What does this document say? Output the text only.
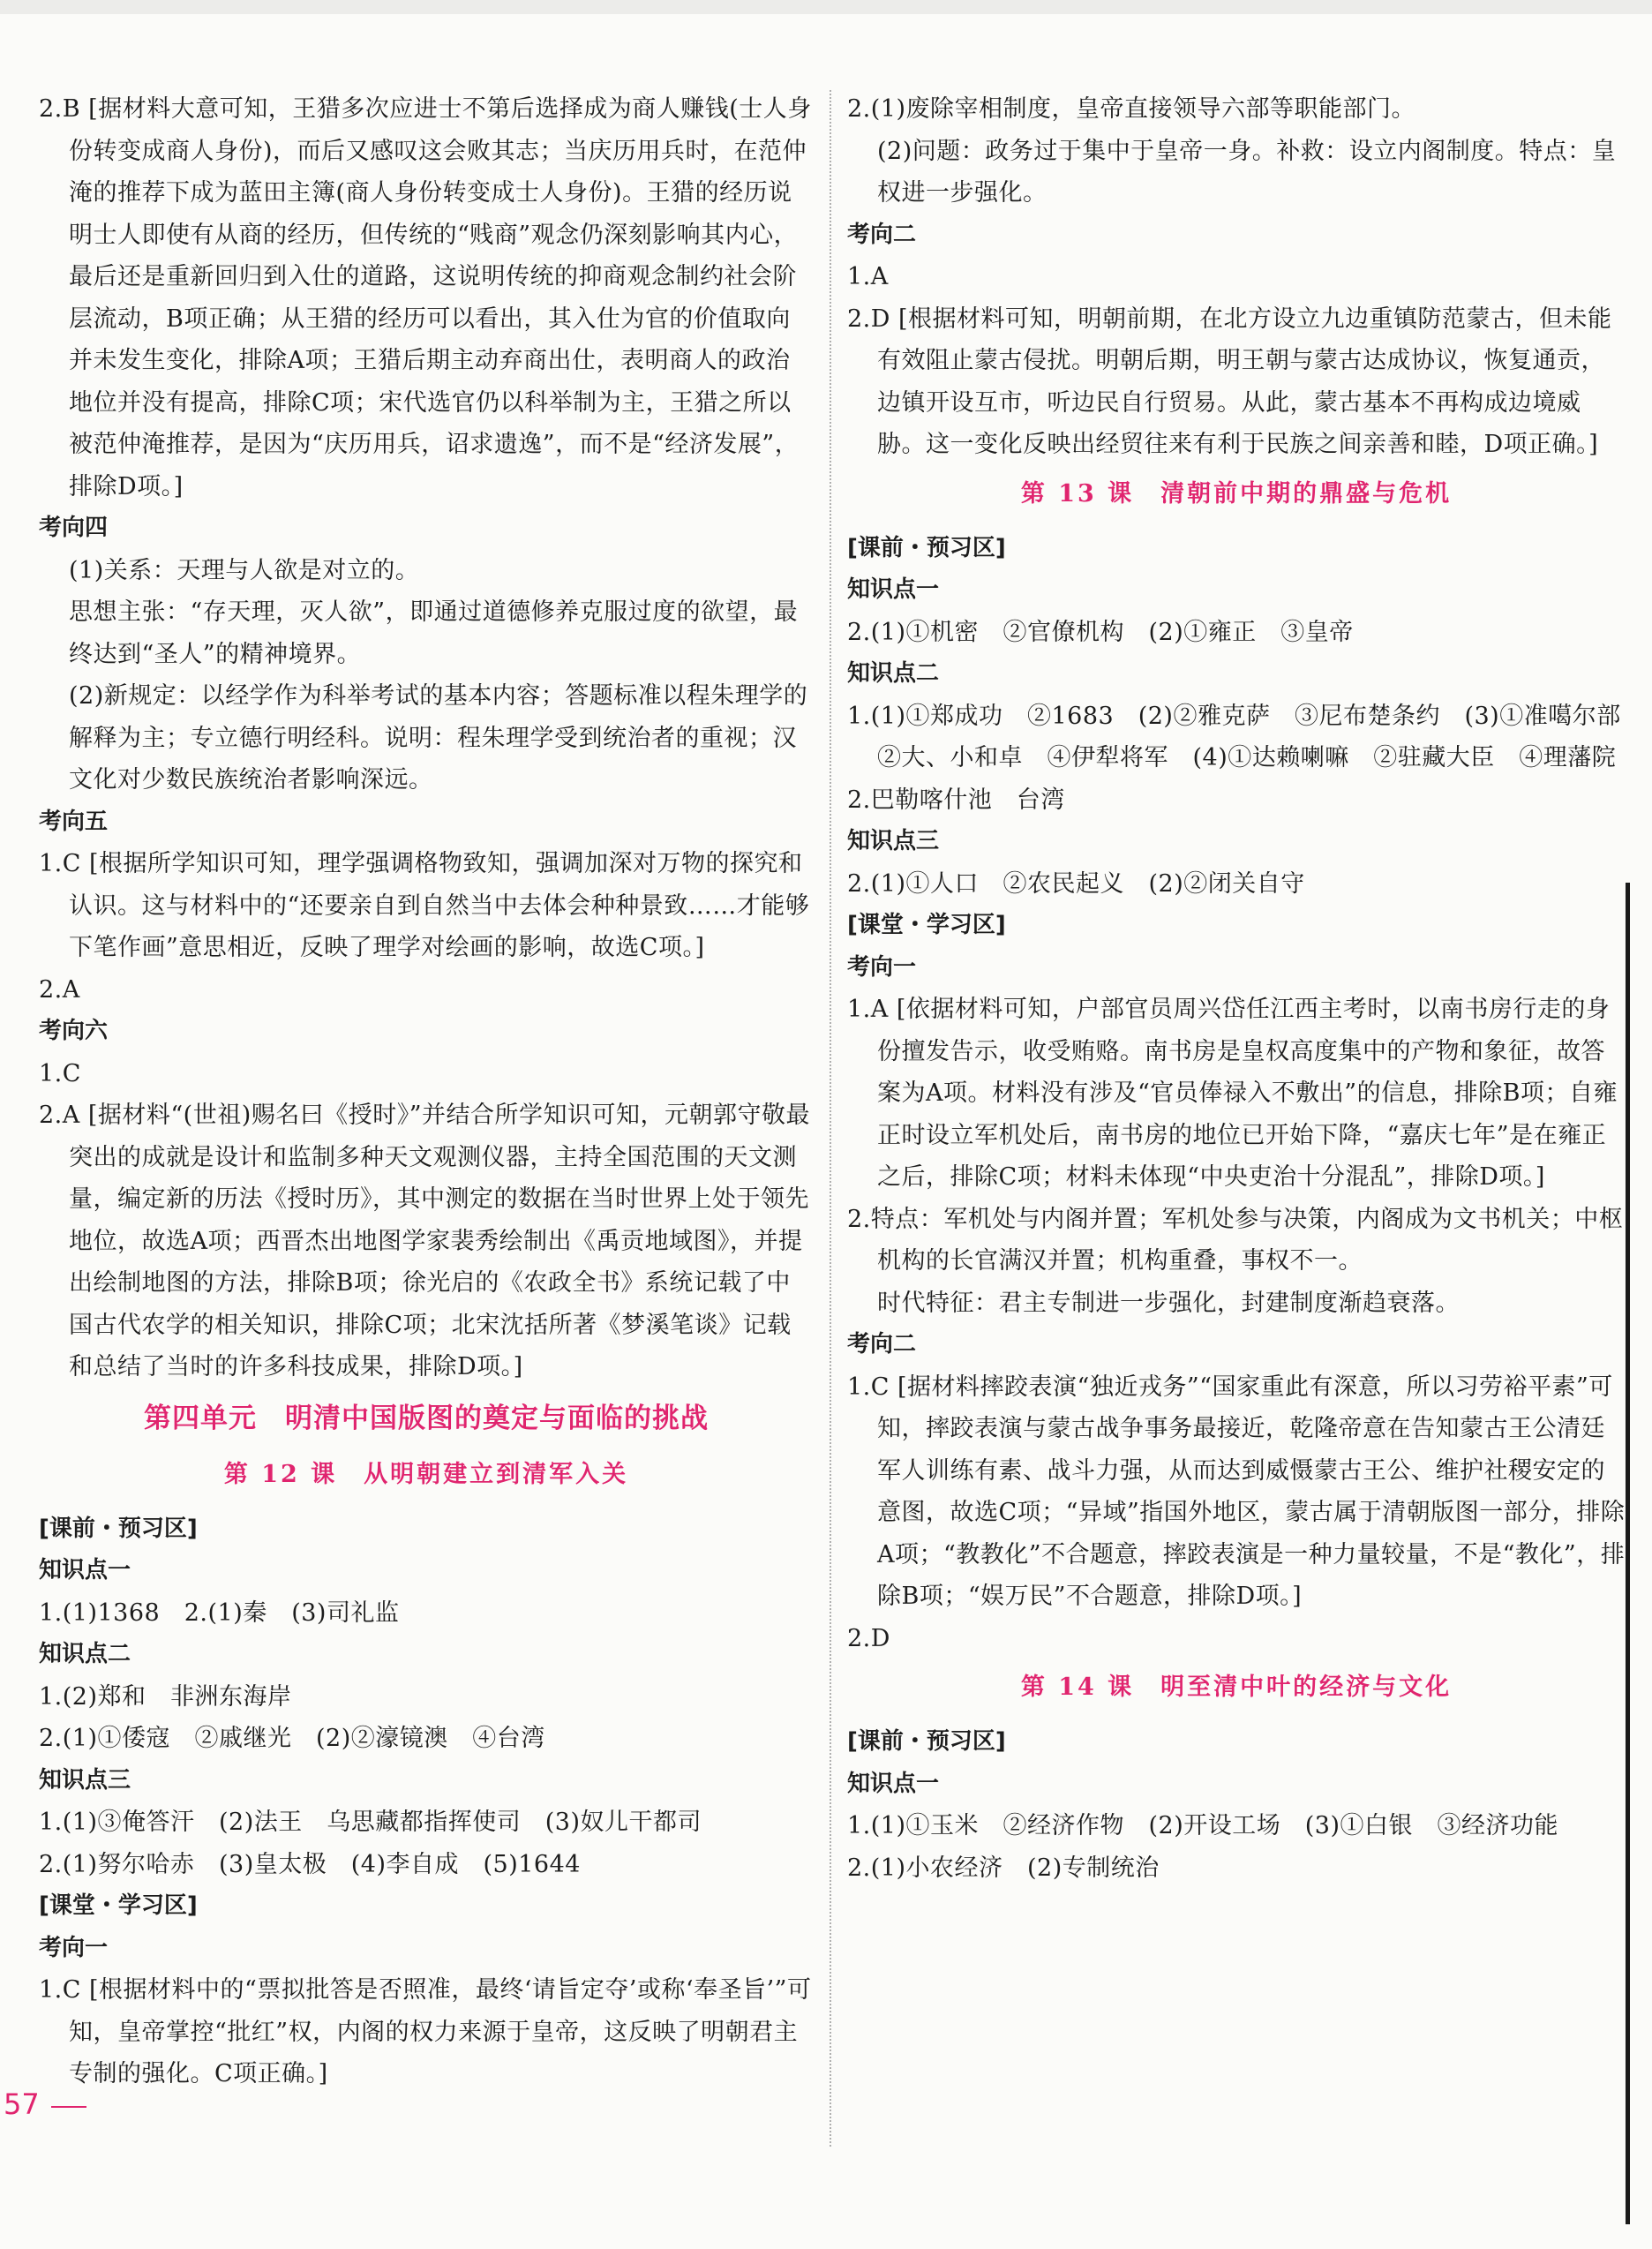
2.B [据材料大意可知，王猎多次应进士不第后选择成为商人赚钱(士人身份转变成商人身份)，而后又感叹这会败其志；当庆历用兵时，在范仲淹的推荐下成为蓝田主簿(商人身份转变成士人身份)。王猎的经历说明士人即使有从商的经历，但传统的“贱商”观念仍深刻影响其内心，最后还是重新回归到入仕的道路，这说明传统的抑商观念制约社会阶层流动，B项正确；从王猎的经历可以看出，其入仕为官的价值取向并未发生变化，排除A项；王猎后期主动弃商出仕，表明商人的政治地位并没有提高，排除C项；宋代选官仍以科举制为主，王猎之所以被范仲淹推荐，是因为“庆历用兵，诏求遗逸”，而不是“经济发展”，排除D项。]

考向四

(1)关系：天理与人欲是对立的。

思想主张：“存天理，灭人欲”，即通过道德修养克服过度的欲望，最终达到“圣人”的精神境界。

(2)新规定：以经学作为科举考试的基本内容；答题标准以程朱理学的解释为主；专立德行明经科。说明：程朱理学受到统治者的重视；汉文化对少数民族统治者影响深远。

考向五

1.C [根据所学知识可知，理学强调格物致知，强调加深对万物的探究和认识。这与材料中的“还要亲自到自然当中去体会种种景致……才能够下笔作画”意思相近，反映了理学对绘画的影响，故选C项。]

2.A

考向六

1.C

2.A [据材料“(世祖)赐名曰《授时》”并结合所学知识可知，元朝郭守敬最突出的成就是设计和监制多种天文观测仪器，主持全国范围的天文测量，编定新的历法《授时历》，其中测定的数据在当时世界上处于领先地位，故选A项；西晋杰出地图学家裴秀绘制出《禹贡地域图》，并提出绘制地图的方法，排除B项；徐光启的《农政全书》系统记载了中国古代农学的相关知识，排除C项；北宋沈括所著《梦溪笔谈》记载和总结了当时的许多科技成果，排除D项。]

第四单元　明清中国版图的奠定与面临的挑战
第 12 课　从明朝建立到清军入关

[课前・预习区]

知识点一

1.(1)1368　2.(1)秦　(3)司礼监

知识点二

1.(2)郑和　非洲东海岸

2.(1)①倭寇　②戚继光　(2)②濠镜澳　④台湾

知识点三

1.(1)③俺答汗　(2)法王　乌思藏都指挥使司　(3)奴儿干都司

2.(1)努尔哈赤　(3)皇太极　(4)李自成　(5)1644

[课堂・学习区]

考向一

1.C [根据材料中的“票拟批答是否照准，最终‘请旨定夺’或称‘奉圣旨’”可知，皇帝掌控“批红”权，内阁的权力来源于皇帝，这反映了明朝君主专制的强化。C项正确。]

2.(1)废除宰相制度，皇帝直接领导六部等职能部门。

(2)问题：政务过于集中于皇帝一身。补救：设立内阁制度。特点：皇权进一步强化。

考向二

1.A

2.D [根据材料可知，明朝前期，在北方设立九边重镇防范蒙古，但未能有效阻止蒙古侵扰。明朝后期，明王朝与蒙古达成协议，恢复通贡，边镇开设互市，听边民自行贸易。从此，蒙古基本不再构成边境威胁。这一变化反映出经贸往来有利于民族之间亲善和睦，D项正确。]

第 13 课　清朝前中期的鼎盛与危机

[课前・预习区]

知识点一

2.(1)①机密　②官僚机构　(2)①雍正　③皇帝

知识点二

1.(1)①郑成功　②1683　(2)②雅克萨　③尼布楚条约　(3)①准噶尔部　②大、小和卓　④伊犁将军　(4)①达赖喇嘛　②驻藏大臣　④理藩院

2.巴勒喀什池　台湾

知识点三

2.(1)①人口　②农民起义　(2)②闭关自守

[课堂・学习区]

考向一

1.A [依据材料可知，户部官员周兴岱任江西主考时，以南书房行走的身份擅发告示，收受贿赂。南书房是皇权高度集中的产物和象征，故答案为A项。材料没有涉及“官员俸禄入不敷出”的信息，排除B项；自雍正时设立军机处后，南书房的地位已开始下降，“嘉庆七年”是在雍正之后，排除C项；材料未体现“中央吏治十分混乱”，排除D项。]

2.特点：军机处与内阁并置；军机处参与决策，内阁成为文书机关；中枢机构的长官满汉并置；机构重叠，事权不一。

时代特征：君主专制进一步强化，封建制度渐趋衰落。

考向二

1.C [据材料摔跤表演“独近戎务”“国家重此有深意，所以习劳裕平素”可知，摔跤表演与蒙古战争事务最接近，乾隆帝意在告知蒙古王公清廷军人训练有素、战斗力强，从而达到威慑蒙古王公、维护社稷安定的意图，故选C项；“异域”指国外地区，蒙古属于清朝版图一部分，排除A项；“教教化”不合题意，摔跤表演是一种力量较量，不是“教化”，排除B项；“娱万民”不合题意，排除D项。]

2.D

第 14 课　明至清中叶的经济与文化

[课前・预习区]

知识点一

1.(1)①玉米　②经济作物　(2)开设工场　(3)①白银　③经济功能

2.(1)小农经济　(2)专制统治

57
